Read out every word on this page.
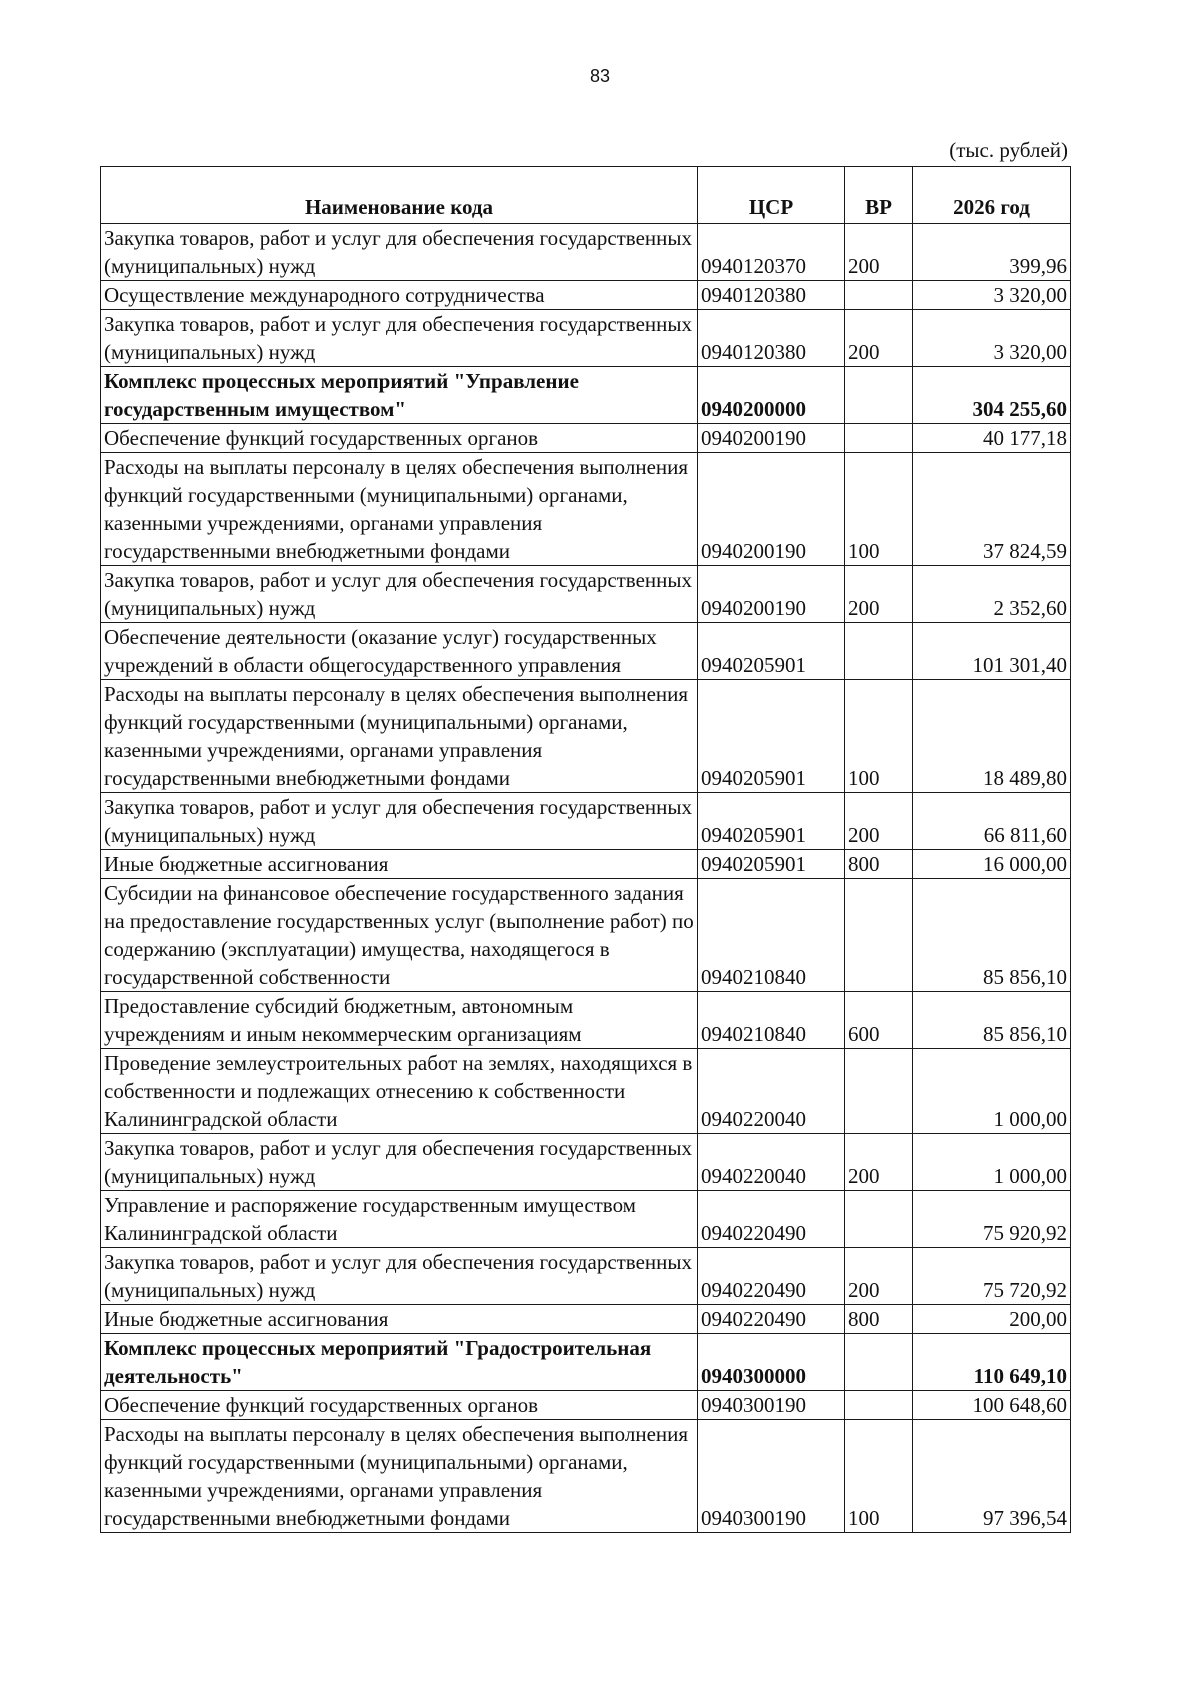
83
(тыс. рублей)
Наименование кода	ЦСР	ВР	2026 год
Закупка товаров, работ и услуг для обеспечения государственных (муниципальных) нужд	0940120370	200	399,96
Осуществление международного сотрудничества	0940120380		3 320,00
Закупка товаров, работ и услуг для обеспечения государственных (муниципальных) нужд	0940120380	200	3 320,00
Комплекс процессных мероприятий "Управление государственным имуществом"	0940200000		304 255,60
Обеспечение функций государственных органов	0940200190		40 177,18
Расходы на выплаты персоналу в целях обеспечения выполнения функций государственными (муниципальными) органами, казенными учреждениями, органами управления государственными внебюджетными фондами	0940200190	100	37 824,59
Закупка товаров, работ и услуг для обеспечения государственных (муниципальных) нужд	0940200190	200	2 352,60
Обеспечение деятельности (оказание услуг) государственных учреждений в области общегосударственного управления	0940205901		101 301,40
Расходы на выплаты персоналу в целях обеспечения выполнения функций государственными (муниципальными) органами, казенными учреждениями, органами управления государственными внебюджетными фондами	0940205901	100	18 489,80
Закупка товаров, работ и услуг для обеспечения государственных (муниципальных) нужд	0940205901	200	66 811,60
Иные бюджетные ассигнования	0940205901	800	16 000,00
Субсидии на финансовое обеспечение государственного задания на предоставление государственных услуг (выполнение работ) по содержанию (эксплуатации) имущества, находящегося в государственной собственности	0940210840		85 856,10
Предоставление субсидий бюджетным, автономным учреждениям и иным некоммерческим организациям	0940210840	600	85 856,10
Проведение землеустроительных работ на землях, находящихся в собственности и подлежащих отнесению к собственности Калининградской области	0940220040		1 000,00
Закупка товаров, работ и услуг для обеспечения государственных (муниципальных) нужд	0940220040	200	1 000,00
Управление и распоряжение государственным имуществом Калининградской области	0940220490		75 920,92
Закупка товаров, работ и услуг для обеспечения государственных (муниципальных) нужд	0940220490	200	75 720,92
Иные бюджетные ассигнования	0940220490	800	200,00
Комплекс процессных мероприятий "Градостроительная деятельность"	0940300000		110 649,10
Обеспечение функций государственных органов	0940300190		100 648,60
Расходы на выплаты персоналу в целях обеспечения выполнения функций государственными (муниципальными) органами, казенными учреждениями, органами управления государственными внебюджетными фондами	0940300190	100	97 396,54
